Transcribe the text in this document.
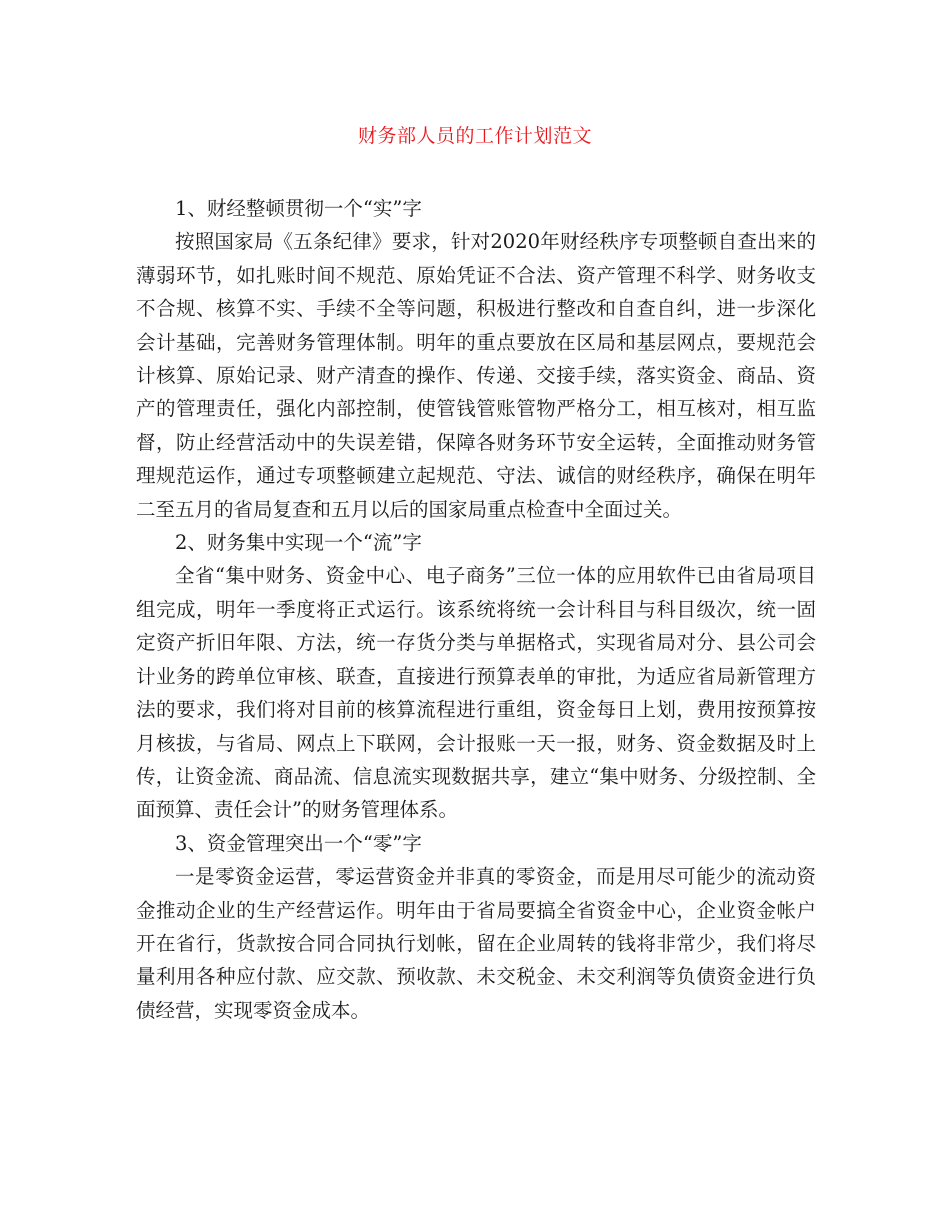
财务部人员的工作计划范文

1、财经整顿贯彻一个“实”字

按照国家局《五条纪律》要求，针对2020年财经秩序专项整顿自查出来的薄弱环节，如扎账时间不规范、原始凭证不合法、资产管理不科学、财务收支不合规、核算不实、手续不全等问题，积极进行整改和自查自纠，进一步深化会计基础，完善财务管理体制。明年的重点要放在区局和基层网点，要规范会计核算、原始记录、财产清查的操作、传递、交接手续，落实资金、商品、资产的管理责任，强化内部控制，使管钱管账管物严格分工，相互核对，相互监督，防止经营活动中的失误差错，保障各财务环节安全运转，全面推动财务管理规范运作，通过专项整顿建立起规范、守法、诚信的财经秩序，确保在明年二至五月的省局复查和五月以后的国家局重点检查中全面过关。

2、财务集中实现一个“流”字

全省“集中财务、资金中心、电子商务”三位一体的应用软件已由省局项目组完成，明年一季度将正式运行。该系统将统一会计科目与科目级次，统一固定资产折旧年限、方法，统一存货分类与单据格式，实现省局对分、县公司会计业务的跨单位审核、联查，直接进行预算表单的审批，为适应省局新管理方法的要求，我们将对目前的核算流程进行重组，资金每日上划，费用按预算按月核拔，与省局、网点上下联网，会计报账一天一报，财务、资金数据及时上传，让资金流、商品流、信息流实现数据共享，建立“集中财务、分级控制、全面预算、责任会计”的财务管理体系。

3、资金管理突出一个“零”字

一是零资金运营，零运营资金并非真的零资金，而是用尽可能少的流动资金推动企业的生产经营运作。明年由于省局要搞全省资金中心，企业资金帐户开在省行，货款按合同合同执行划帐，留在企业周转的钱将非常少，我们将尽量利用各种应付款、应交款、预收款、未交税金、未交利润等负债资金进行负债经营，实现零资金成本。
